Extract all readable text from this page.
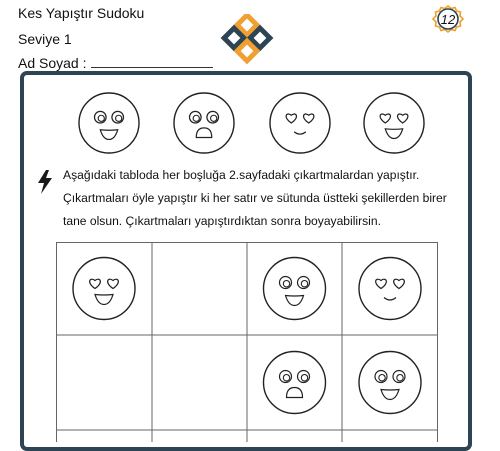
Kes Yapıştır Sudoku
Seviye 1
Ad Soyad :
12
Aşağıdaki tabloda her boşluğa 2.sayfadaki çıkartmalardan yapıştır.
Çıkartmaları öyle yapıştır ki her satır ve sütunda üstteki şekillerden birer
tane olsun. Çıkartmaları yapıştırdıktan sonra boyayabilirsin.
